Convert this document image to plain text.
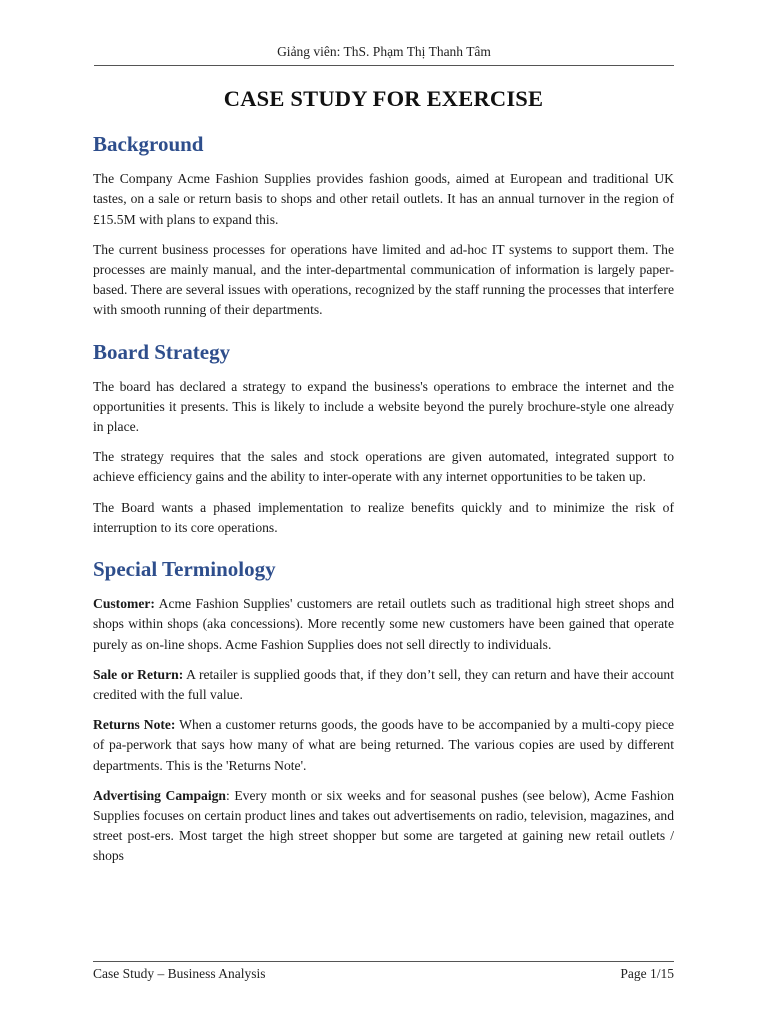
Giảng viên: ThS. Phạm Thị Thanh Tâm
CASE STUDY FOR EXERCISE
Background

The Company Acme Fashion Supplies provides fashion goods, aimed at European and traditional UK tastes, on a sale or return basis to shops and other retail outlets. It has an annual turnover in the region of £15.5M with plans to expand this.

The current business processes for operations have limited and ad-hoc IT systems to support them. The processes are mainly manual, and the inter-departmental communication of information is largely paper-based. There are several issues with operations, recognized by the staff running the processes that interfere with smooth running of their departments.

Board Strategy

The board has declared a strategy to expand the business's operations to embrace the internet and the opportunities it presents. This is likely to include a website beyond the purely brochure-style one already in place.

The strategy requires that the sales and stock operations are given automated, integrated support to achieve efficiency gains and the ability to inter-operate with any internet opportunities to be taken up.

The Board wants a phased implementation to realize benefits quickly and to minimize the risk of interruption to its core operations.

Special Terminology

Customer: Acme Fashion Supplies' customers are retail outlets such as traditional high street shops and shops within shops (aka concessions). More recently some new customers have been gained that operate purely as on-line shops. Acme Fashion Supplies does not sell directly to individuals.

Sale or Return: A retailer is supplied goods that, if they don’t sell, they can return and have their account credited with the full value.

Returns Note: When a customer returns goods, the goods have to be accompanied by a multi-copy piece of pa-perwork that says how many of what are being returned. The various copies are used by different departments. This is the 'Returns Note'.

Advertising Campaign: Every month or six weeks and for seasonal pushes (see below), Acme Fashion Supplies focuses on certain product lines and takes out advertisements on radio, television, magazines, and street post-ers. Most target the high street shopper but some are targeted at gaining new retail outlets / shops

Case Study – Business Analysis	Page 1/15
